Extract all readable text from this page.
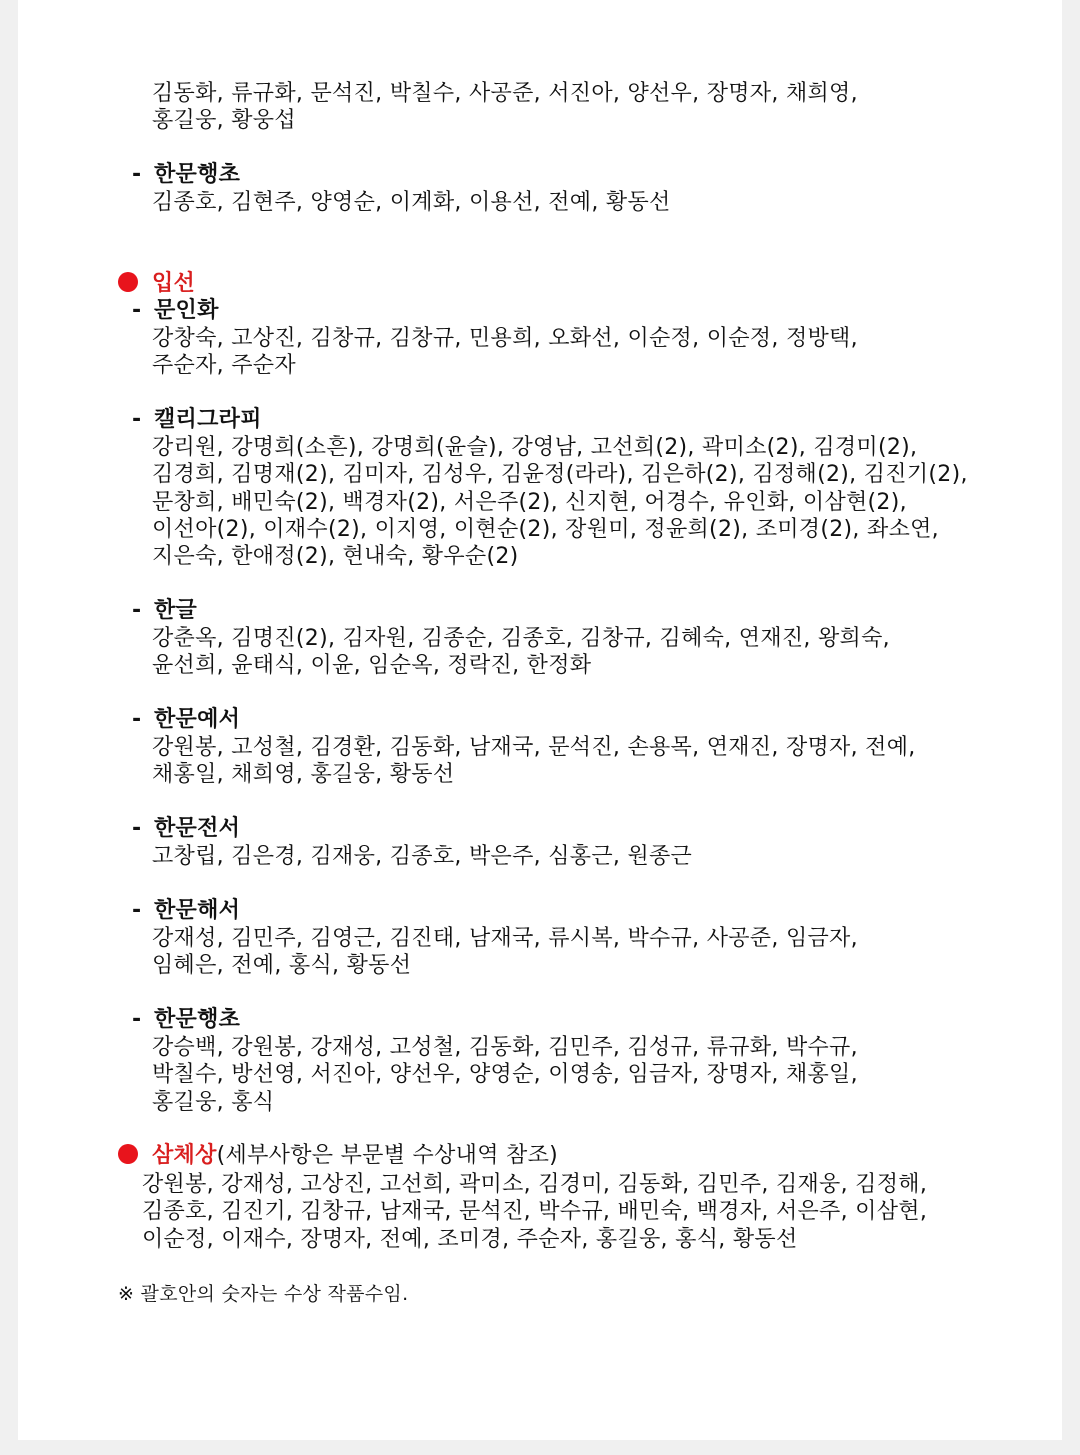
김동화, 류규화, 문석진, 박칠수, 사공준, 서진아, 양선우, 장명자, 채희영,
홍길웅, 황웅섭
- 한문행초
김종호, 김현주, 양영순, 이계화, 이용선, 전예, 황동선
입선
- 문인화
강창숙, 고상진, 김창규, 김창규, 민용희, 오화선, 이순정, 이순정, 정방택,
주순자, 주순자
- 캘리그라피
강리원, 강명희(소흔), 강명희(윤슬), 강영남, 고선희(2), 곽미소(2), 김경미(2),
김경희, 김명재(2), 김미자, 김성우, 김윤정(라라), 김은하(2), 김정해(2), 김진기(2),
문창희, 배민숙(2), 백경자(2), 서은주(2), 신지현, 어경수, 유인화, 이삼현(2),
이선아(2), 이재수(2), 이지영, 이현순(2), 장원미, 정윤희(2), 조미경(2), 좌소연,
지은숙, 한애정(2), 현내숙, 황우순(2)
- 한글
강춘옥, 김명진(2), 김자원, 김종순, 김종호, 김창규, 김혜숙, 연재진, 왕희숙,
윤선희, 윤태식, 이윤, 임순옥, 정락진, 한정화
- 한문예서
강원봉, 고성철, 김경환, 김동화, 남재국, 문석진, 손용목, 연재진, 장명자, 전예,
채홍일, 채희영, 홍길웅, 황동선
- 한문전서
고창립, 김은경, 김재웅, 김종호, 박은주, 심홍근, 원종근
- 한문해서
강재성, 김민주, 김영근, 김진태, 남재국, 류시복, 박수규, 사공준, 임금자,
임혜은, 전예, 홍식, 황동선
- 한문행초
강승백, 강원봉, 강재성, 고성철, 김동화, 김민주, 김성규, 류규화, 박수규,
박칠수, 방선영, 서진아, 양선우, 양영순, 이영송, 임금자, 장명자, 채홍일,
홍길웅, 홍식
삼체상(세부사항은 부문별 수상내역 참조)
강원봉, 강재성, 고상진, 고선희, 곽미소, 김경미, 김동화, 김민주, 김재웅, 김정해,
김종호, 김진기, 김창규, 남재국, 문석진, 박수규, 배민숙, 백경자, 서은주, 이삼현,
이순정, 이재수, 장명자, 전예, 조미경, 주순자, 홍길웅, 홍식, 황동선
※ 괄호안의 숫자는 수상 작품수임.
